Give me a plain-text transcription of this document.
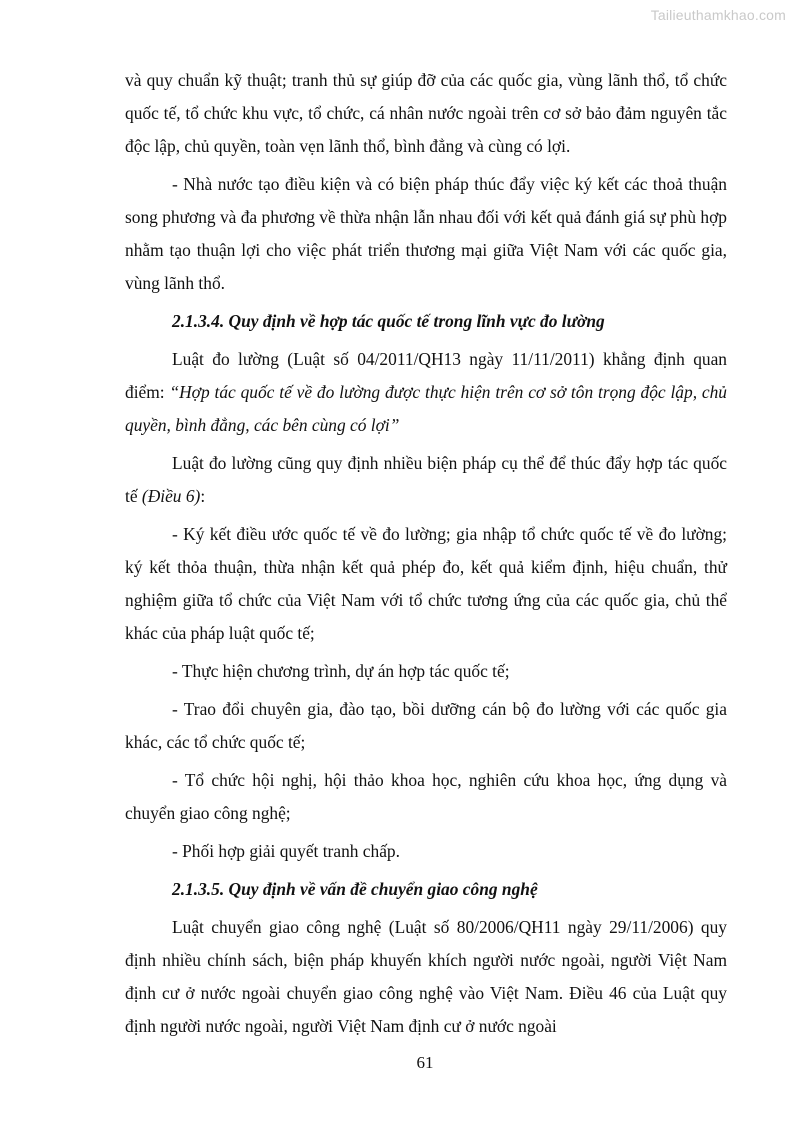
Tailieuthamkhao.com

và quy chuẩn kỹ thuật; tranh thủ sự giúp đỡ của các quốc gia, vùng lãnh thổ, tổ chức quốc tế, tổ chức khu vực, tổ chức, cá nhân nước ngoài trên cơ sở bảo đảm nguyên tắc độc lập, chủ quyền, toàn vẹn lãnh thổ, bình đẳng và cùng có lợi.

- Nhà nước tạo điều kiện và có biện pháp thúc đẩy việc ký kết các thoả thuận song phương và đa phương về thừa nhận lẫn nhau đối với kết quả đánh giá sự phù hợp nhằm tạo thuận lợi cho việc phát triển thương mại giữa Việt Nam với các quốc gia, vùng lãnh thổ.

2.1.3.4. Quy định về hợp tác quốc tế trong lĩnh vực đo lường

Luật đo lường (Luật số 04/2011/QH13 ngày 11/11/2011) khẳng định quan điểm: “Hợp tác quốc tế về đo lường được thực hiện trên cơ sở tôn trọng độc lập, chủ quyền, bình đẳng, các bên cùng có lợi”

Luật đo lường cũng quy định nhiều biện pháp cụ thể để thúc đẩy hợp tác quốc tế (Điều 6):

- Ký kết điều ước quốc tế về đo lường; gia nhập tổ chức quốc tế về đo lường; ký kết thỏa thuận, thừa nhận kết quả phép đo, kết quả kiểm định, hiệu chuẩn, thử nghiệm giữa tổ chức của Việt Nam với tổ chức tương ứng của các quốc gia, chủ thể khác của pháp luật quốc tế;

- Thực hiện chương trình, dự án hợp tác quốc tế;

- Trao đổi chuyên gia, đào tạo, bồi dưỡng cán bộ đo lường với các quốc gia khác, các tổ chức quốc tế;

- Tổ chức hội nghị, hội thảo khoa học, nghiên cứu khoa học, ứng dụng và chuyển giao công nghệ;

- Phối hợp giải quyết tranh chấp.

2.1.3.5. Quy định về vấn đề chuyển giao công nghệ

Luật chuyển giao công nghệ (Luật số 80/2006/QH11 ngày 29/11/2006) quy định nhiều chính sách, biện pháp khuyến khích người nước ngoài, người Việt Nam định cư ở nước ngoài chuyển giao công nghệ vào Việt Nam. Điều 46 của Luật quy định người nước ngoài, người Việt Nam định cư ở nước ngoài

61
